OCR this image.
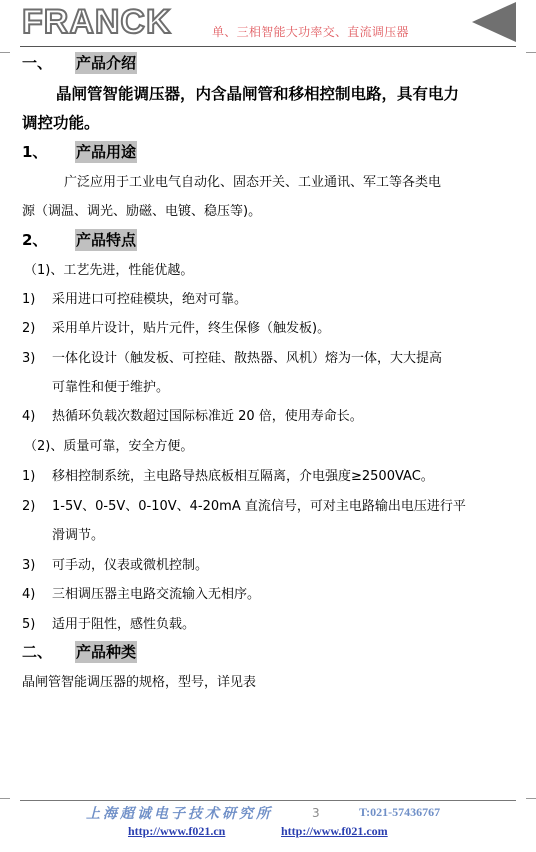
FRANCK	单、三相智能大功率交、直流调压器
一、 产品介绍
晶闸管智能调压器，内含晶闸管和移相控制电路，具有电力
调控功能。
1、 产品用途
广泛应用于工业电气自动化、固态开关、工业通讯、军工等各类电
源（调温、调光、励磁、电镀、稳压等)。
2、 产品特点
（1)、工艺先进，性能优越。
1) 采用进口可控硅模块，绝对可靠。
2) 采用单片设计，贴片元件，终生保修（触发板)。
3) 一体化设计（触发板、可控硅、散热器、风机）熔为一体，大大提高
可靠性和便于维护。
4) 热循环负载次数超过国际标准近 20 倍，使用寿命长。
（2)、质量可靠，安全方便。
1) 移相控制系统，主电路导热底板相互隔离，介电强度≥2500VAC。
2) 1-5V、0-5V、0-10V、4-20mA 直流信号，可对主电路输出电压进行平
滑调节。
3) 可手动，仪表或微机控制。
4) 三相调压器主电路交流输入无相序。
5) 适用于阻性，感性负载。
二、 产品种类
晶闸管智能调压器的规格，型号，详见表
上海超诚电子技术研究所	3	T:021-57436767
http://www.f021.cn	http://www.f021.com
